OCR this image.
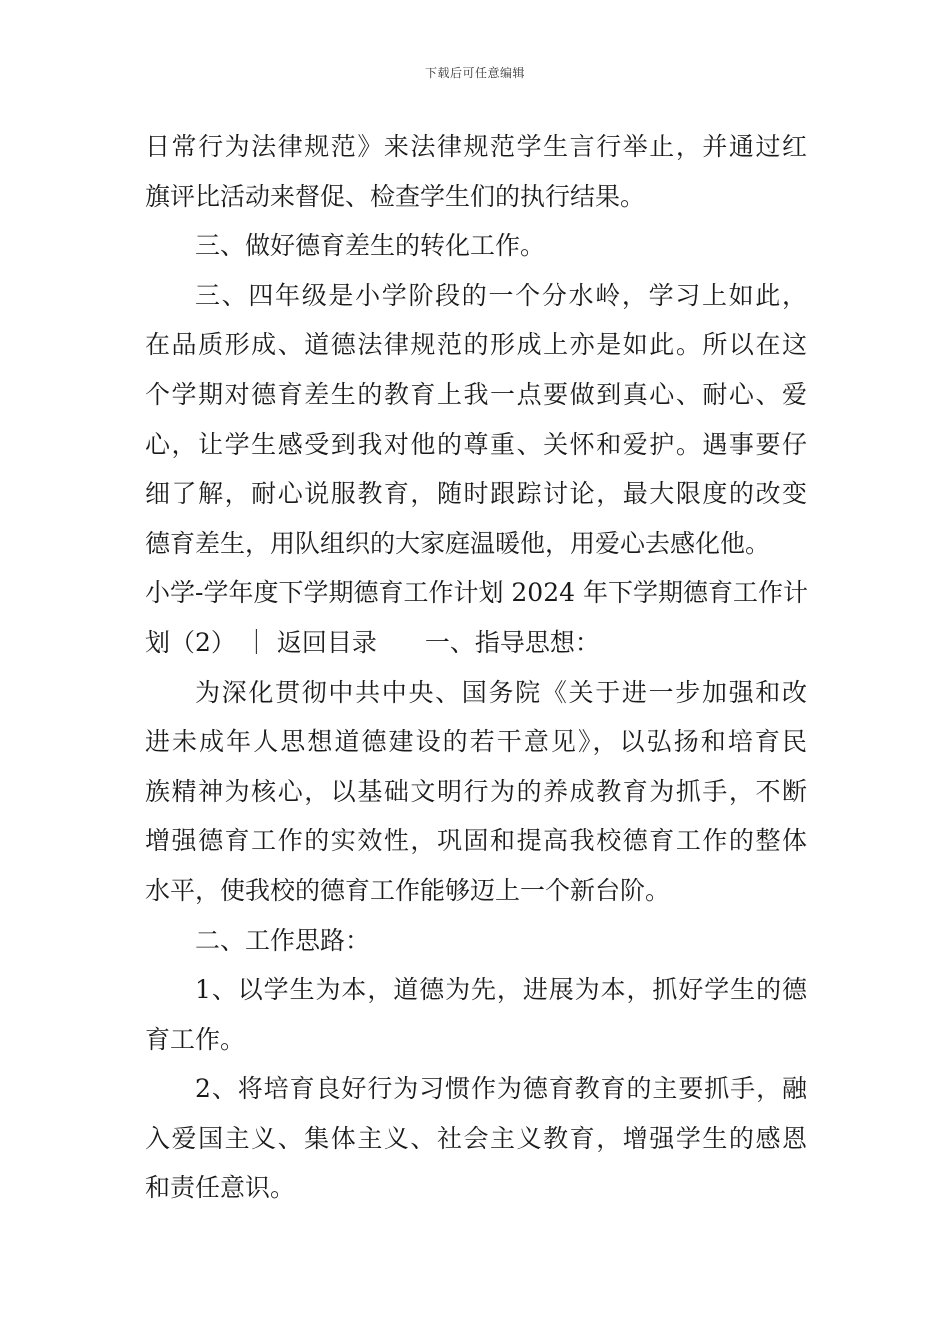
下载后可任意编辑
日常行为法律规范》来法律规范学生言行举止，并通过红
旗评比活动来督促、检查学生们的执行结果。
三、做好德育差生的转化工作。
三、四年级是小学阶段的一个分水岭，学习上如此，
在品质形成、道德法律规范的形成上亦是如此。所以在这
个学期对德育差生的教育上我一点要做到真心、耐心、爱
心，让学生感受到我对他的尊重、关怀和爱护。遇事要仔
细了解，耐心说服教育，随时跟踪讨论，最大限度的改变
德育差生，用队组织的大家庭温暖他，用爱心去感化他。
小学-学年度下学期德育工作计划 2024 年下学期德育工作计
划（2） ｜ 返回目录 一、指导思想：
为深化贯彻中共中央、国务院《关于进一步加强和改
进未成年人思想道德建设的若干意见》，以弘扬和培育民
族精神为核心，以基础文明行为的养成教育为抓手，不断
增强德育工作的实效性，巩固和提高我校德育工作的整体
水平，使我校的德育工作能够迈上一个新台阶。
二、工作思路：
1、以学生为本，道德为先，进展为本，抓好学生的德
育工作。
2、将培育良好行为习惯作为德育教育的主要抓手，融
入爱国主义、集体主义、社会主义教育，增强学生的感恩
和责任意识。
